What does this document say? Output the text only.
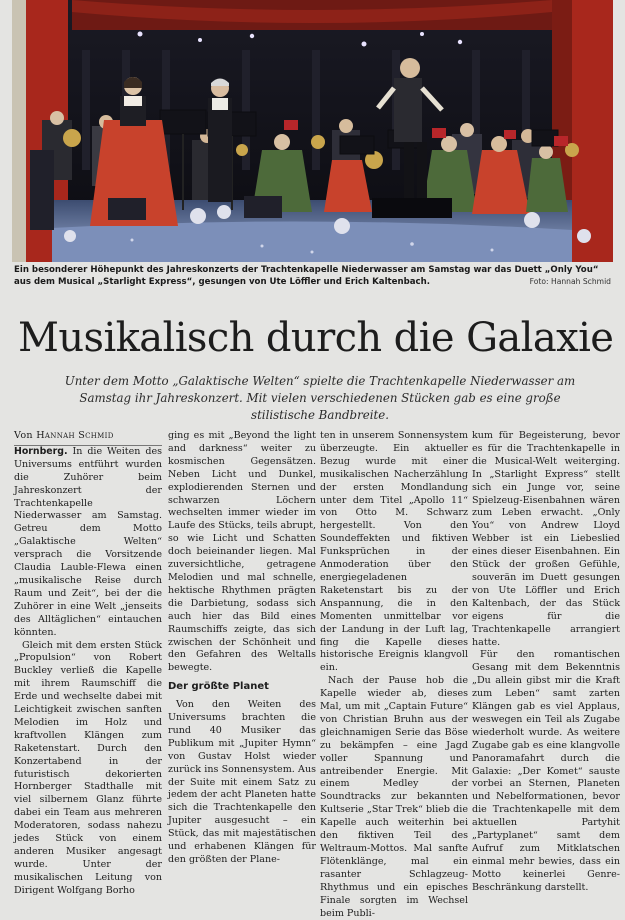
Ein besonderer Höhepunkt des Jahreskonzerts der Trachtenkapelle Niederwasser am Samstag war das Duett „Only You“ aus dem Musical „Starlight Express“, gesungen von Ute Löffler und Erich Kaltenbach.	Foto: Hannah Schmid
Musikalisch durch die Galaxie
Unter dem Motto „Galaktische Welten“ spielte die Trachtenkapelle Niederwasser am Samstag ihr Jahreskonzert. Mit vielen verschiedenen Stücken gab es eine große stilistische Bandbreite.

Von Hannah Schmid

Hornberg. In die Weiten des Universums entführt wurden die Zuhörer beim Jahreskonzert der Trachtenkapelle Niederwasser am Samstag. Getreu dem Motto „Galaktische Welten“ versprach die Vorsitzende Claudia Lauble-Flewa einen „musikalische Reise durch Raum und Zeit“, bei der die Zuhörer in eine Welt „jenseits des Alltäglichen“ eintauchen könnten.

Gleich mit dem ersten Stück „Propulsion“ von Robert Buckley verließ die Kapelle mit ihrem Raumschiff die Erde und wechselte dabei mit Leichtigkeit zwischen sanften Melodien im Holz und kraftvollen Klängen zum Raketenstart. Durch den Konzertabend in der futuristisch dekorierten Hornberger Stadthalle mit viel silbernem Glanz führte dabei ein Team aus mehreren Moderatoren, sodass nahezu jedes Stück von einem anderen Musiker angesagt wurde. Unter der musikalischen Leitung von Dirigent Wolfgang Borho

ging es mit „Beyond the light and darkness“ weiter zu kosmischen Gegensätzen. Neben Licht und Dunkel, explodierenden Sternen und schwarzen Löchern wechselten immer wieder im Laufe des Stücks, teils abrupt, so wie Licht und Schatten doch beieinander liegen. Mal zuversichtliche, getragene Melodien und mal schnelle, hektische Rhythmen prägten die Darbietung, sodass sich auch hier das Bild eines Raumschiffs zeigte, das sich zwischen der Schönheit und den Gefahren des Weltalls bewegte.

Der größte Planet

Von den Weiten des Universums brachten die rund 40 Musiker das Publikum mit „Jupiter Hymn“ von Gustav Holst wieder zurück ins Sonnensystem. Aus der Suite mit einem Satz zu jedem der acht Planeten hatte sich die Trachtenkapelle den Jupiter ausgesucht – ein Stück, das mit majestätischen und erhabenen Klängen für den größten der Plane-

ten in unserem Sonnensystem überzeugte. Ein aktueller Bezug wurde mit einer musikalischen Nacherzählung der ersten Mondlandung unter dem Titel „Apollo 11“ von Otto M. Schwarz hergestellt. Von den Soundeffekten und fiktiven Funksprüchen in der Anmoderation über den energiegeladenen Raketenstart bis zu der Anspannung, die in den Momenten unmittelbar vor der Landung in der Luft lag, fing die Kapelle dieses historische Ereignis klangvoll ein.

Nach der Pause hob die Kapelle wieder ab, dieses Mal, um mit „Captain Future“ von Christian Bruhn aus der gleichnamigen Serie das Böse zu bekämpfen – eine Jagd voller Spannung und antreibender Energie. Mit einem Medley der Soundtracks zur bekannten Kultserie „Star Trek“ blieb die Kapelle auch weiterhin bei den fiktiven Teil des Weltraum-Mottos. Mal sanfte Flötenklänge, mal ein rasanter Schlagzeug-Rhythmus und ein episches Finale sorgten im Wechsel beim Publi-

kum für Begeisterung, bevor es für die Trachtenkapelle in die Musical-Welt weiterging. In „Starlight Express“ stellt sich ein Junge vor, seine Spielzeug-Eisenbahnen wären zum Leben erwacht. „Only You“ von Andrew Lloyd Webber ist ein Liebeslied eines dieser Eisenbahnen. Ein Stück der großen Gefühle, souverän im Duett gesungen von Ute Löffler und Erich Kaltenbach, der das Stück eigens für die Trachtenkapelle arrangiert hatte.

Für den romantischen Gesang mit dem Bekenntnis „Du allein gibst mir die Kraft zum Leben“ samt zarten Klängen gab es viel Applaus, weswegen ein Teil als Zugabe wiederholt wurde. As weitere Zugabe gab es eine klangvolle Panoramafahrt durch die Galaxie: „Der Komet“ sauste vorbei an Sternen, Planeten und Nebelformationen, bevor die Trachtenkapelle mit dem aktuellen Partyhit „Partyplanet“ samt dem Aufruf zum Mitklatschen einmal mehr bewies, dass ein Motto keinerlei Genre-Beschränkung darstellt.
